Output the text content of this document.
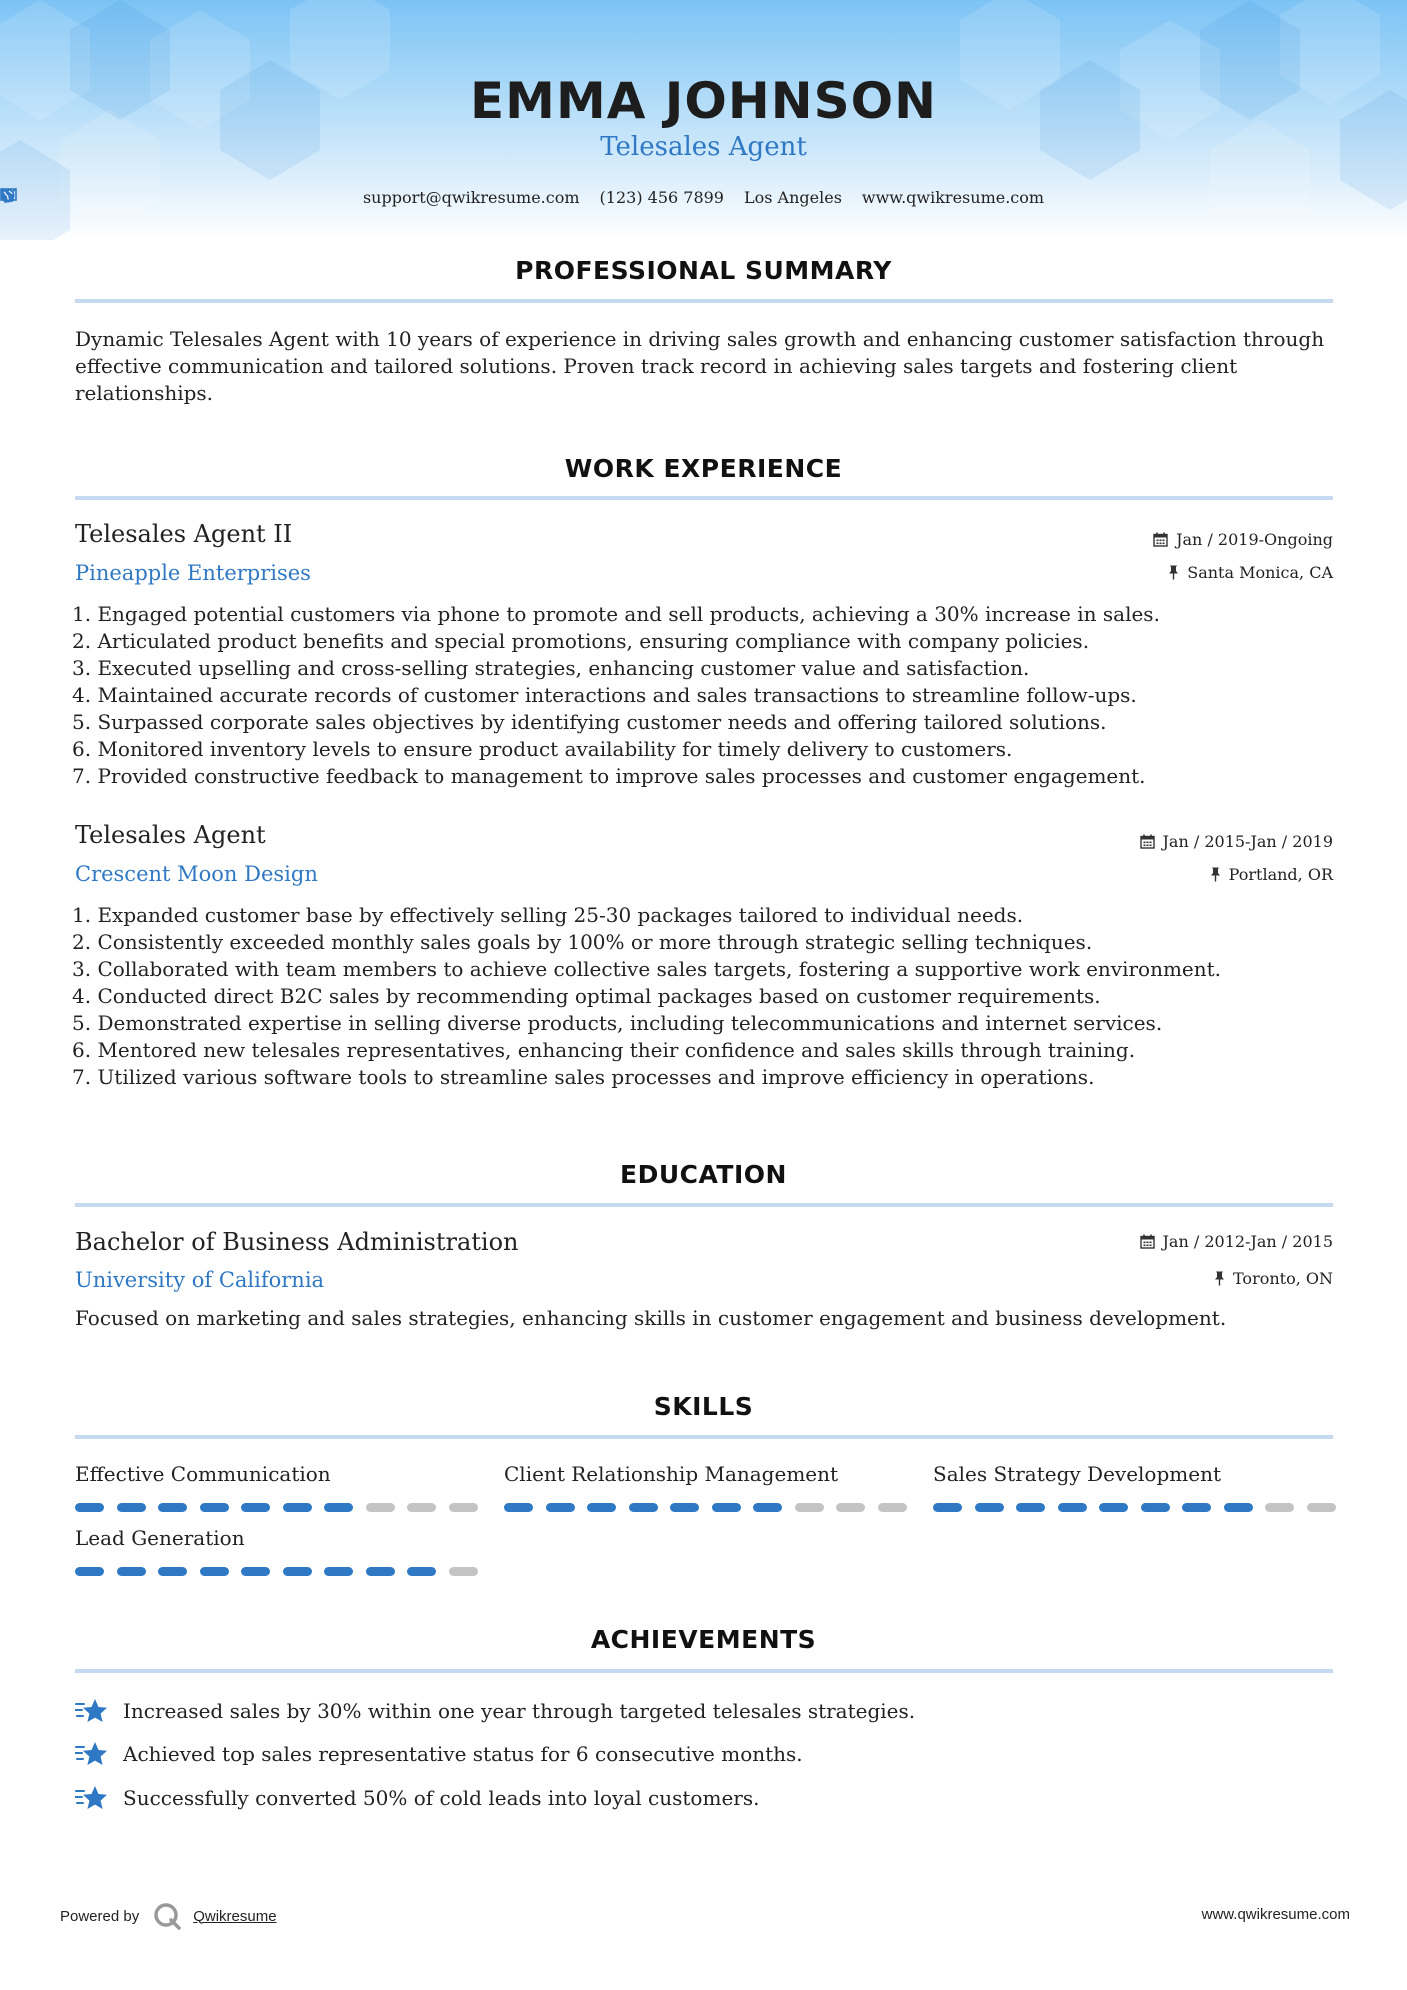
EMMA JOHNSON
Telesales Agent
support@qwikresume.com (123) 456 7899 Los Angeles www.qwikresume.com
PROFESSIONAL SUMMARY
Dynamic Telesales Agent with 10 years of experience in driving sales growth and enhancing customer satisfaction through effective communication and tailored solutions. Proven track record in achieving sales targets and fostering client relationships.
WORK EXPERIENCE
Telesales Agent II
Pineapple Enterprises
Jan / 2019-Ongoing
Santa Monica, CA
1. Engaged potential customers via phone to promote and sell products, achieving a 30% increase in sales.
2. Articulated product benefits and special promotions, ensuring compliance with company policies.
3. Executed upselling and cross-selling strategies, enhancing customer value and satisfaction.
4. Maintained accurate records of customer interactions and sales transactions to streamline follow-ups.
5. Surpassed corporate sales objectives by identifying customer needs and offering tailored solutions.
6. Monitored inventory levels to ensure product availability for timely delivery to customers.
7. Provided constructive feedback to management to improve sales processes and customer engagement.
Telesales Agent
Crescent Moon Design
Jan / 2015-Jan / 2019
Portland, OR
1. Expanded customer base by effectively selling 25-30 packages tailored to individual needs.
2. Consistently exceeded monthly sales goals by 100% or more through strategic selling techniques.
3. Collaborated with team members to achieve collective sales targets, fostering a supportive work environment.
4. Conducted direct B2C sales by recommending optimal packages based on customer requirements.
5. Demonstrated expertise in selling diverse products, including telecommunications and internet services.
6. Mentored new telesales representatives, enhancing their confidence and sales skills through training.
7. Utilized various software tools to streamline sales processes and improve efficiency in operations.
EDUCATION
Bachelor of Business Administration
University of California
Jan / 2012-Jan / 2015
Toronto, ON
Focused on marketing and sales strategies, enhancing skills in customer engagement and business development.
SKILLS
Effective Communication	Client Relationship Management	Sales Strategy Development
Lead Generation
ACHIEVEMENTS
Increased sales by 30% within one year through targeted telesales strategies.
Achieved top sales representative status for 6 consecutive months.
Successfully converted 50% of cold leads into loyal customers.
Powered by	Qwikresume	www.qwikresume.com
